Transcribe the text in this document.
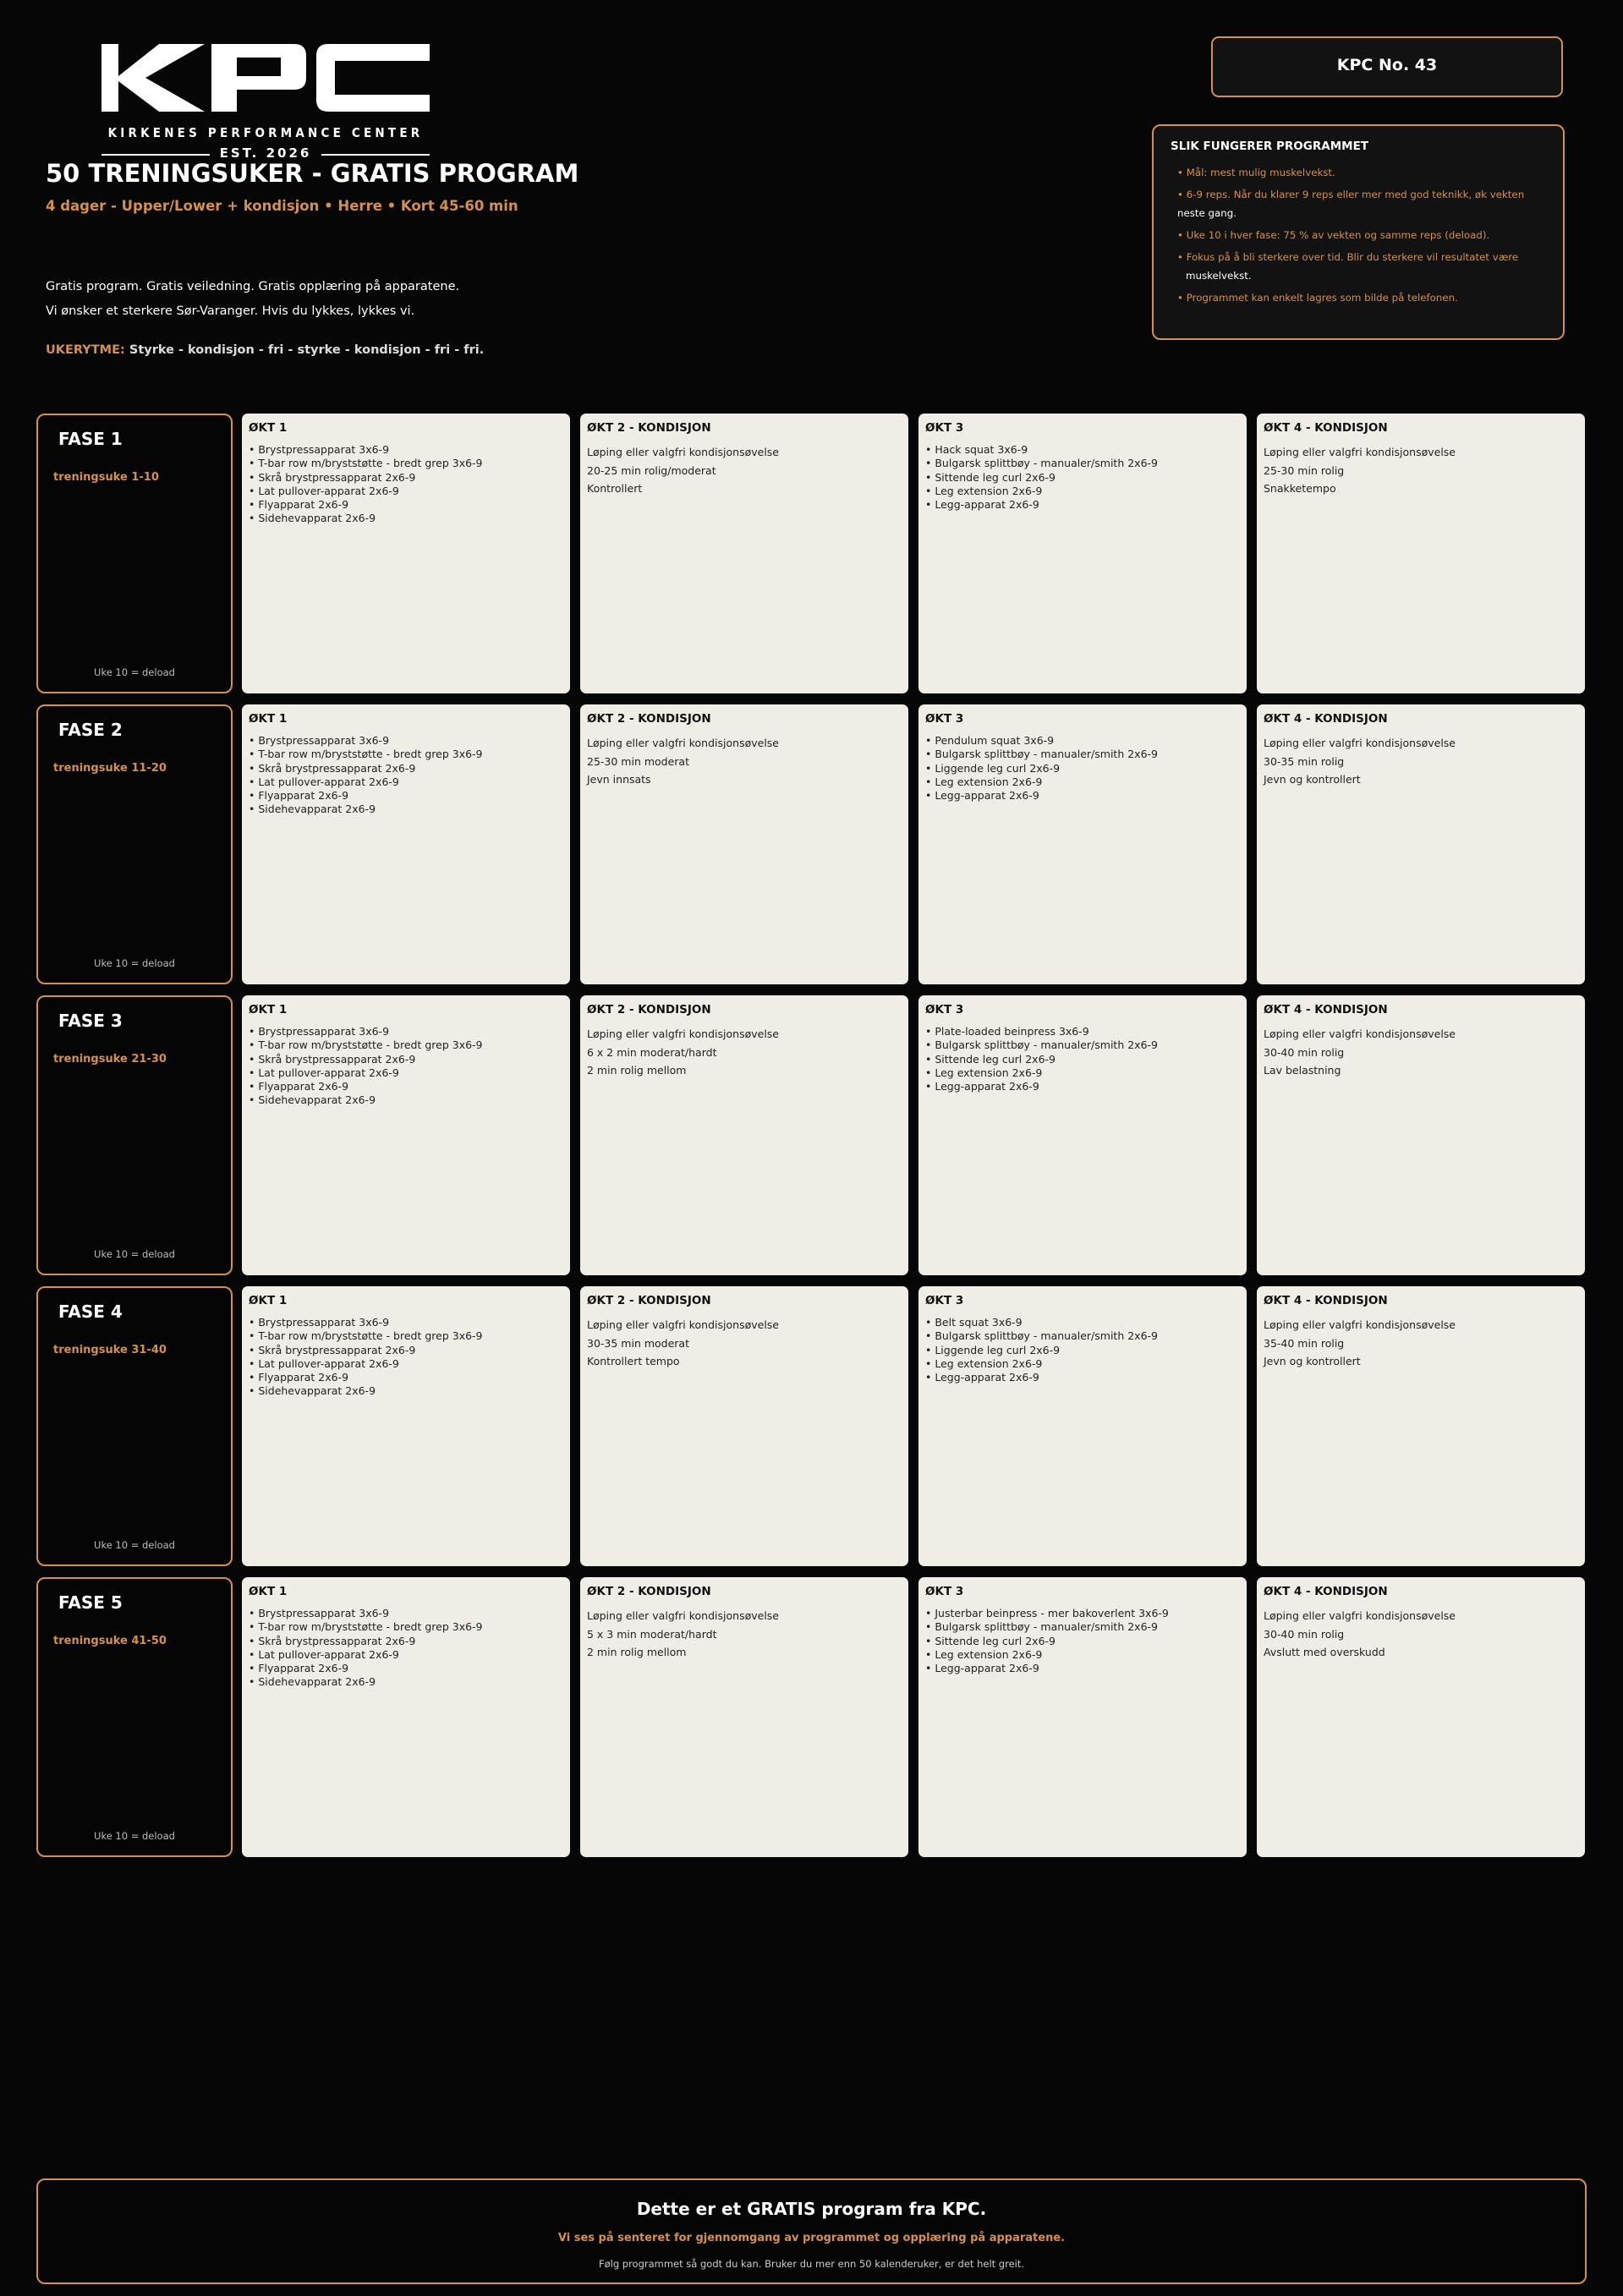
KIRKENES PERFORMANCE CENTER
EST. 2026
50 TRENINGSUKER - GRATIS PROGRAM
4 dager - Upper/Lower + kondisjon • Herre • Kort 45-60 min
Gratis program. Gratis veiledning. Gratis opplæring på apparatene.
Vi ønsker et sterkere Sør-Varanger. Hvis du lykkes, lykkes vi.
UKERYTME: Styrke - kondisjon - fri - styrke - kondisjon - fri - fri.
KPC No. 43
SLIK FUNGERER PROGRAMMET
• Mål: mest mulig muskelvekst.
• 6-9 reps. Når du klarer 9 reps eller mer med god teknikk, øk vekten
neste gang.
• Uke 10 i hver fase: 75 % av vekten og samme reps (deload).
• Fokus på å bli sterkere over tid. Blir du sterkere vil resultatet være
muskelvekst.
• Programmet kan enkelt lagres som bilde på telefonen.
FASE 1
treningsuke 1-10
Uke 10 = deload
ØKT 1
• Brystpressapparat 3x6-9
• T-bar row m/bryststøtte - bredt grep 3x6-9
• Skrå brystpressapparat 2x6-9
• Lat pullover-apparat 2x6-9
• Flyapparat 2x6-9
• Sidehevapparat 2x6-9
ØKT 2 - KONDISJON
Løping eller valgfri kondisjonsøvelse
20-25 min rolig/moderat
Kontrollert
ØKT 3
• Hack squat 3x6-9
• Bulgarsk splittbøy - manualer/smith 2x6-9
• Sittende leg curl 2x6-9
• Leg extension 2x6-9
• Legg-apparat 2x6-9
ØKT 4 - KONDISJON
Løping eller valgfri kondisjonsøvelse
25-30 min rolig
Snakketempo
FASE 2
treningsuke 11-20
Uke 10 = deload
ØKT 1
• Brystpressapparat 3x6-9
• T-bar row m/bryststøtte - bredt grep 3x6-9
• Skrå brystpressapparat 2x6-9
• Lat pullover-apparat 2x6-9
• Flyapparat 2x6-9
• Sidehevapparat 2x6-9
ØKT 2 - KONDISJON
Løping eller valgfri kondisjonsøvelse
25-30 min moderat
Jevn innsats
ØKT 3
• Pendulum squat 3x6-9
• Bulgarsk splittbøy - manualer/smith 2x6-9
• Liggende leg curl 2x6-9
• Leg extension 2x6-9
• Legg-apparat 2x6-9
ØKT 4 - KONDISJON
Løping eller valgfri kondisjonsøvelse
30-35 min rolig
Jevn og kontrollert
FASE 3
treningsuke 21-30
Uke 10 = deload
ØKT 1
• Brystpressapparat 3x6-9
• T-bar row m/bryststøtte - bredt grep 3x6-9
• Skrå brystpressapparat 2x6-9
• Lat pullover-apparat 2x6-9
• Flyapparat 2x6-9
• Sidehevapparat 2x6-9
ØKT 2 - KONDISJON
Løping eller valgfri kondisjonsøvelse
6 x 2 min moderat/hardt
2 min rolig mellom
ØKT 3
• Plate-loaded beinpress 3x6-9
• Bulgarsk splittbøy - manualer/smith 2x6-9
• Sittende leg curl 2x6-9
• Leg extension 2x6-9
• Legg-apparat 2x6-9
ØKT 4 - KONDISJON
Løping eller valgfri kondisjonsøvelse
30-40 min rolig
Lav belastning
FASE 4
treningsuke 31-40
Uke 10 = deload
ØKT 1
• Brystpressapparat 3x6-9
• T-bar row m/bryststøtte - bredt grep 3x6-9
• Skrå brystpressapparat 2x6-9
• Lat pullover-apparat 2x6-9
• Flyapparat 2x6-9
• Sidehevapparat 2x6-9
ØKT 2 - KONDISJON
Løping eller valgfri kondisjonsøvelse
30-35 min moderat
Kontrollert tempo
ØKT 3
• Belt squat 3x6-9
• Bulgarsk splittbøy - manualer/smith 2x6-9
• Liggende leg curl 2x6-9
• Leg extension 2x6-9
• Legg-apparat 2x6-9
ØKT 4 - KONDISJON
Løping eller valgfri kondisjonsøvelse
35-40 min rolig
Jevn og kontrollert
FASE 5
treningsuke 41-50
Uke 10 = deload
ØKT 1
• Brystpressapparat 3x6-9
• T-bar row m/bryststøtte - bredt grep 3x6-9
• Skrå brystpressapparat 2x6-9
• Lat pullover-apparat 2x6-9
• Flyapparat 2x6-9
• Sidehevapparat 2x6-9
ØKT 2 - KONDISJON
Løping eller valgfri kondisjonsøvelse
5 x 3 min moderat/hardt
2 min rolig mellom
ØKT 3
• Justerbar beinpress - mer bakoverlent 3x6-9
• Bulgarsk splittbøy - manualer/smith 2x6-9
• Sittende leg curl 2x6-9
• Leg extension 2x6-9
• Legg-apparat 2x6-9
ØKT 4 - KONDISJON
Løping eller valgfri kondisjonsøvelse
30-40 min rolig
Avslutt med overskudd
Dette er et GRATIS program fra KPC.
Vi ses på senteret for gjennomgang av programmet og opplæring på apparatene.
Følg programmet så godt du kan. Bruker du mer enn 50 kalenderuker, er det helt greit.
